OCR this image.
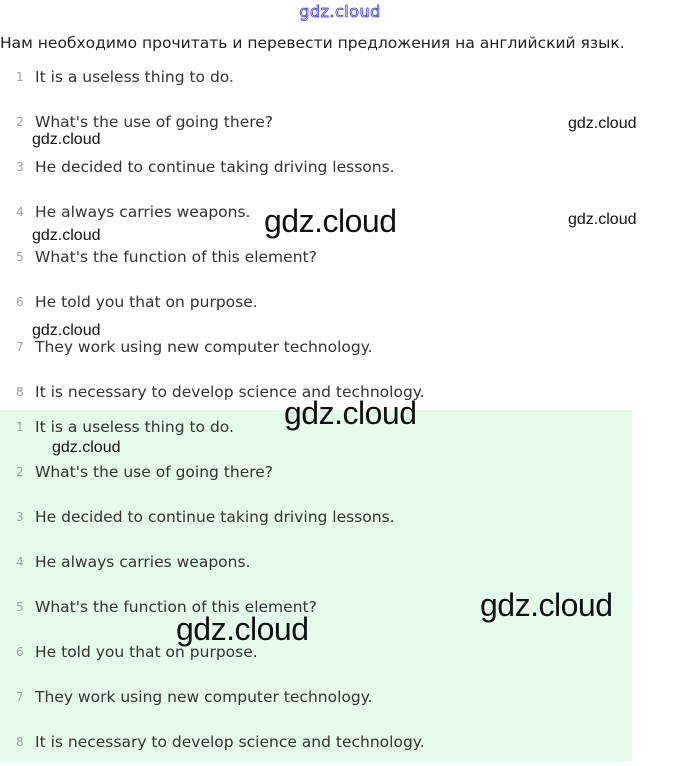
gdz.cloud
Нам необходимо прочитать и перевести предложения на английский язык.
1 It is a useless thing to do.
2 What's the use of going there?
3 He decided to continue taking driving lessons.
4 He always carries weapons.
5 What's the function of this element?
6 He told you that on purpose.
7 They work using new computer technology.
8 It is necessary to develop science and technology.
1 It is a useless thing to do.
2 What's the use of going there?
3 He decided to continue taking driving lessons.
4 He always carries weapons.
5 What's the function of this element?
6 He told you that on purpose.
7 They work using new computer technology.
8 It is necessary to develop science and technology.
gdz.cloud
gdz.cloud
gdz.cloud	gdz.cloud
gdz.cloud
gdz.cloud
gdz.cloud
gdz.cloud
gdz.cloud
gdz.cloud
